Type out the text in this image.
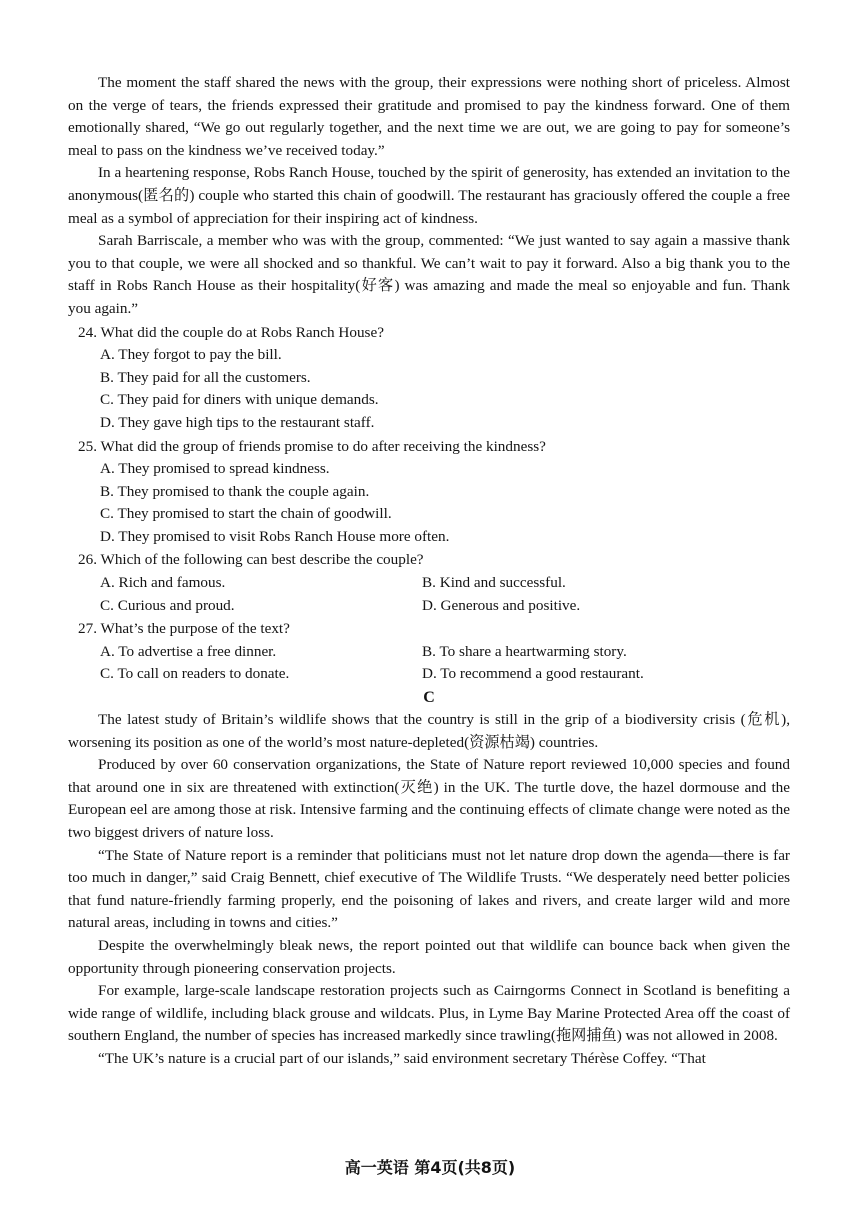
The moment the staff shared the news with the group, their expressions were nothing short of priceless. Almost on the verge of tears, the friends expressed their gratitude and promised to pay the kindness forward. One of them emotionally shared, “We go out regularly together, and the next time we are out, we are going to pay for someone’s meal to pass on the kindness we’ve received today.”

In a heartening response, Robs Ranch House, touched by the spirit of generosity, has extended an invitation to the anonymous(匿名的) couple who started this chain of goodwill. The restaurant has graciously offered the couple a free meal as a symbol of appreciation for their inspiring act of kindness.

Sarah Barriscale, a member who was with the group, commented: “We just wanted to say again a massive thank you to that couple, we were all shocked and so thankful. We can’t wait to pay it forward. Also a big thank you to the staff in Robs Ranch House as their hospitality(好客) was amazing and made the meal so enjoyable and fun. Thank you again.”

24. What did the couple do at Robs Ranch House?

A. They forgot to pay the bill.

B. They paid for all the customers.

C. They paid for diners with unique demands.

D. They gave high tips to the restaurant staff.

25. What did the group of friends promise to do after receiving the kindness?

A. They promised to spread kindness.

B. They promised to thank the couple again.

C. They promised to start the chain of goodwill.

D. They promised to visit Robs Ranch House more often.

26. Which of the following can best describe the couple?

A. Rich and famous.	B. Kind and successful.

C. Curious and proud.	D. Generous and positive.

27. What’s the purpose of the text?

A. To advertise a free dinner.	B. To share a heartwarming story.

C. To call on readers to donate.	D. To recommend a good restaurant.

C

The latest study of Britain’s wildlife shows that the country is still in the grip of a biodiversity crisis (危机), worsening its position as one of the world’s most nature-depleted(资源枯竭) countries.

Produced by over 60 conservation organizations, the State of Nature report reviewed 10,000 species and found that around one in six are threatened with extinction(灭绝) in the UK. The turtle dove, the hazel dormouse and the European eel are among those at risk. Intensive farming and the continuing effects of climate change were noted as the two biggest drivers of nature loss.

“The State of Nature report is a reminder that politicians must not let nature drop down the agenda—there is far too much in danger,” said Craig Bennett, chief executive of The Wildlife Trusts. “We desperately need better policies that fund nature-friendly farming properly, end the poisoning of lakes and rivers, and create larger wild and more natural areas, including in towns and cities.”

Despite the overwhelmingly bleak news, the report pointed out that wildlife can bounce back when given the opportunity through pioneering conservation projects.

For example, large-scale landscape restoration projects such as Cairngorms Connect in Scotland is benefiting a wide range of wildlife, including black grouse and wildcats. Plus, in Lyme Bay Marine Protected Area off the coast of southern England, the number of species has increased markedly since trawling(拖网捕鱼) was not allowed in 2008.

“The UK’s nature is a crucial part of our islands,” said environment secretary Thérèse Coffey. “That

高一英语 第4页(共8页)
